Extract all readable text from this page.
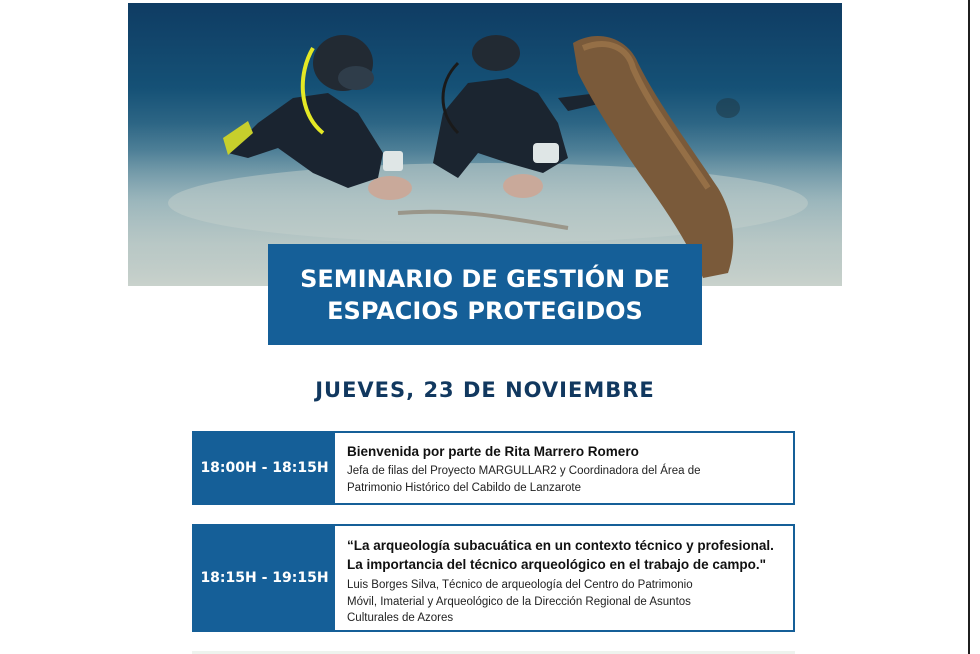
SEMINARIO DE GESTIÓN DE
ESPACIOS PROTEGIDOS
JUEVES, 23 DE NOVIEMBRE
18:00H - 18:15H
Bienvenida por parte de Rita Marrero Romero
Jefa de filas del Proyecto MARGULLAR2 y Coordinadora del Área de
Patrimonio Histórico del Cabildo de Lanzarote
18:15H - 19:15H
“La arqueología subacuática en un contexto técnico y profesional.
La importancia del técnico arqueológico en el trabajo de campo."
Luis Borges Silva, Técnico de arqueología del Centro do Patrimonio
Móvil, Imaterial y Arqueológico de la Dirección Regional de Asuntos
Culturales de Azores
